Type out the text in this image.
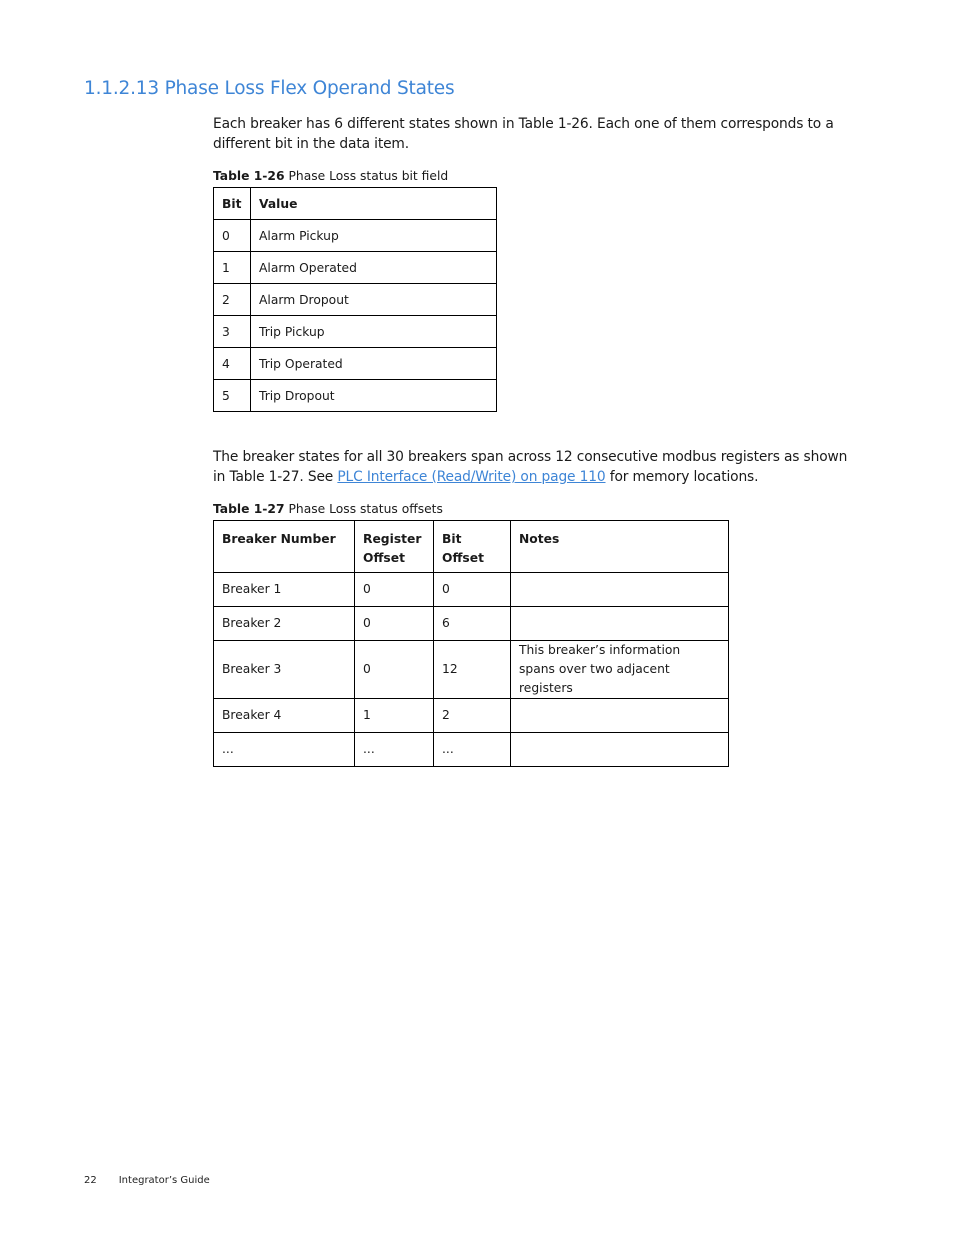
1.1.2.13 Phase Loss Flex Operand States

Each breaker has 6 different states shown in Table 1-26. Each one of them corresponds to a different bit in the data item.

Table 1-26 Phase Loss status bit field

Bit	Value
0	Alarm Pickup
1	Alarm Operated
2	Alarm Dropout
3	Trip Pickup
4	Trip Operated
5	Trip Dropout

The breaker states for all 30 breakers span across 12 consecutive modbus registers as shown in Table 1-27. See PLC Interface (Read/Write) on page 110 for memory locations.

Table 1-27 Phase Loss status offsets

Breaker Number	Register Offset	Bit Offset	Notes
Breaker 1	0	0	
Breaker 2	0	6	
Breaker 3	0	12	This breaker’s information spans over two adjacent registers
Breaker 4	1	2	
...	...	...	
22 Integrator’s Guide
